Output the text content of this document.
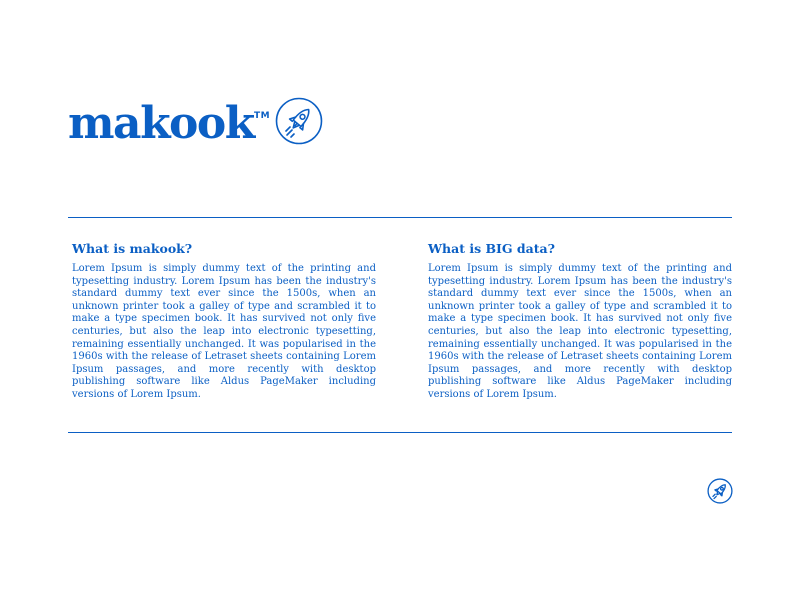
makook TM
What is makook?

Lorem Ipsum is simply dummy text of the printing and typesetting industry. Lorem Ipsum has been the industry's standard dummy text ever since the 1500s, when an unknown printer took a galley of type and scrambled it to make a type specimen book. It has survived not only five centuries, but also the leap into electronic typesetting, remaining essentially unchanged. It was popularised in the 1960s with the release of Letraset sheets containing Lorem Ipsum passages, and more recently with desktop publishing software like Aldus PageMaker including versions of Lorem Ipsum.

What is BIG data?

Lorem Ipsum is simply dummy text of the printing and typesetting industry. Lorem Ipsum has been the industry's standard dummy text ever since the 1500s, when an unknown printer took a galley of type and scrambled it to make a type specimen book. It has survived not only five centuries, but also the leap into electronic typesetting, remaining essentially unchanged. It was popularised in the 1960s with the release of Letraset sheets containing Lorem Ipsum passages, and more recently with desktop publishing software like Aldus PageMaker including versions of Lorem Ipsum.
